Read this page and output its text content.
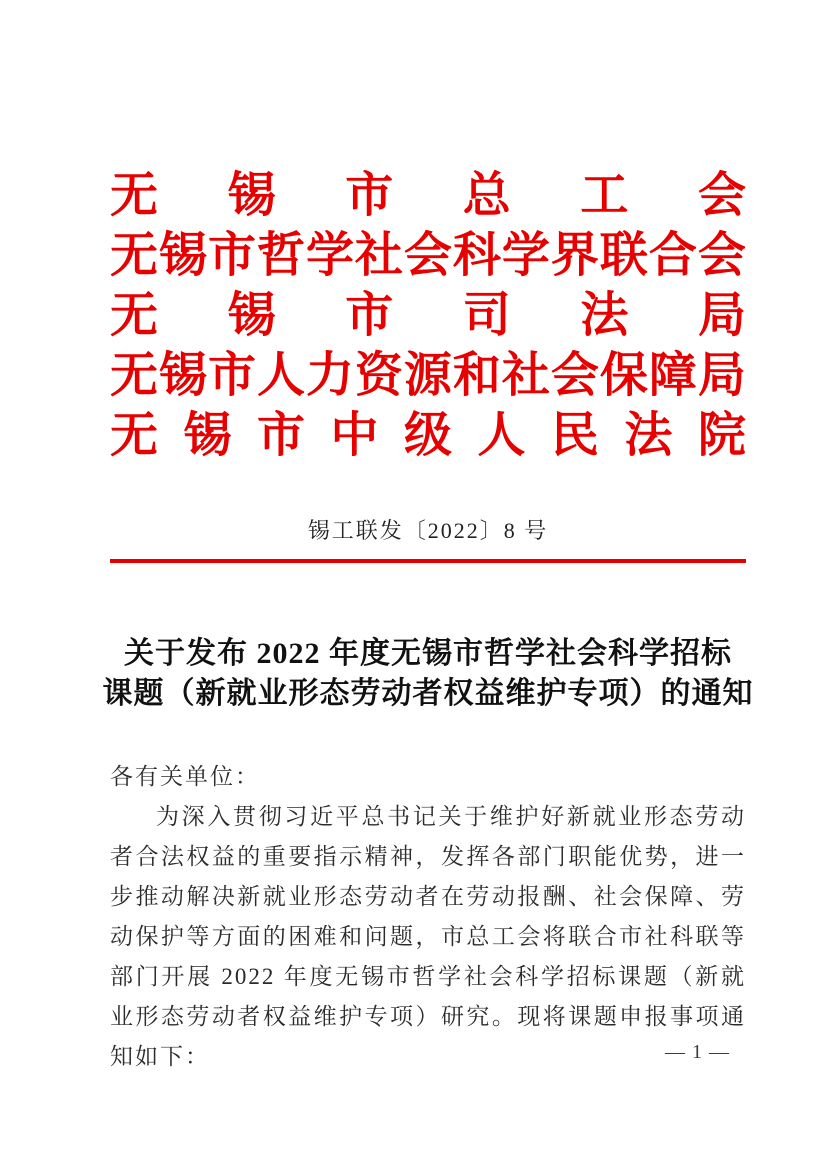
无 锡 市 总 工 会
无 锡 市 哲 学 社 会 科 学 界 联 合 会
无 锡 市 司 法 局
无 锡 市 人 力 资 源 和 社 会 保 障 局
无 锡 市 中 级 人 民 法 院
锡工联发〔2022〕8 号
关于发布 2022 年度无锡市哲学社会科学招标
课题（新就业形态劳动者权益维护专项）的通知
各有关单位：
为深入贯彻习近平总书记关于维护好新就业形态劳动者合法权益的重要指示精神，发挥各部门职能优势，进一步推动解决新就业形态劳动者在劳动报酬、社会保障、劳动保护等方面的困难和问题，市总工会将联合市社科联等部门开展 2022 年度无锡市哲学社会科学招标课题（新就业形态劳动者权益维护专项）研究。现将课题申报事项通知如下：	— 1 —
